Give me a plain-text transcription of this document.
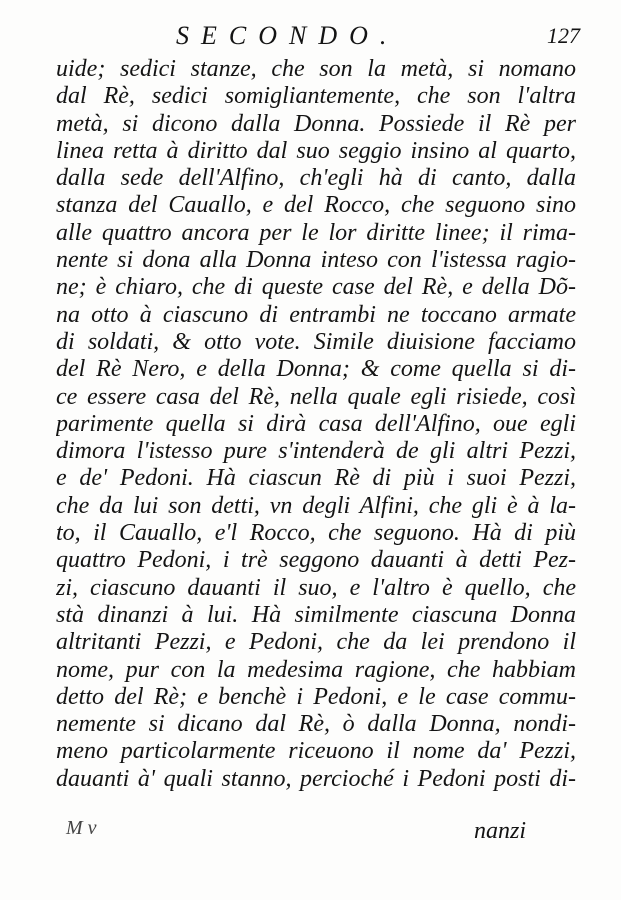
SECONDO.	127
uide; sedici stanze, che son la metà, si nomano
dal Rè, sedici somigliantemente, che son l'altra
metà, si dicono dalla Donna. Possiede il Rè per
linea retta à diritto dal suo seggio insino al quarto,
dalla sede dell'Alfino, ch'egli hà di canto, dalla
stanza del Cauallo, e del Rocco, che seguono sino
alle quattro ancora per le lor diritte linee; il rima-
nente si dona alla Donna inteso con l'istessa ragio-
ne; è chiaro, che di queste case del Rè, e della Dõ-
na otto à ciascuno di entrambi ne toccano armate
di soldati, & otto vote. Simile diuisione facciamo
del Rè Nero, e della Donna; & come quella si di-
ce essere casa del Rè, nella quale egli risiede, così
parimente quella si dirà casa dell'Alfino, oue egli
dimora l'istesso pure s'intenderà de gli altri Pezzi,
e de' Pedoni. Hà ciascun Rè di più i suoi Pezzi,
che da lui son detti, vn degli Alfini, che gli è à la-
to, il Cauallo, e'l Rocco, che seguono. Hà di più
quattro Pedoni, i trè seggono dauanti à detti Pez-
zi, ciascuno dauanti il suo, e l'altro è quello, che
stà dinanzi à lui. Hà similmente ciascuna Donna
altritanti Pezzi, e Pedoni, che da lei prendono il
nome, pur con la medesima ragione, che habbiam
detto del Rè; e benchè i Pedoni, e le case commu-
nemente si dicano dal Rè, ò dalla Donna, nondi-
meno particolarmente riceuono il nome da' Pezzi,
dauanti à' quali stanno, percioché i Pedoni posti di-
M v	nanzi
